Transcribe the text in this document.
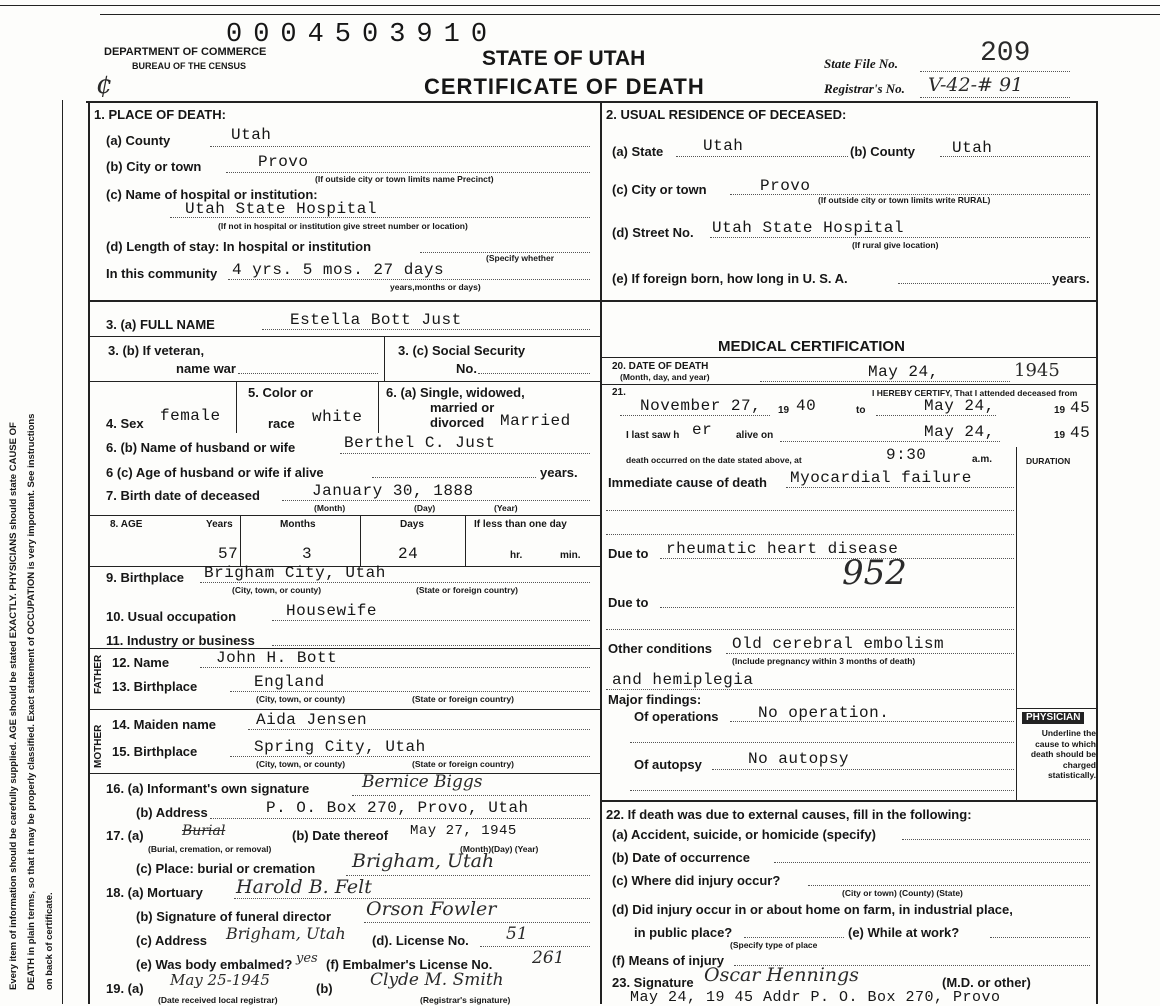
Every item of information should be carefully supplied. AGE should be stated EXACTLY. PHYSICIANS should state CAUSE OF DEATH in plain terms, so that it may be properly classified. Exact statement of OCCUPATION is very important. See instructions on back of certificate.
0004503910
DEPARTMENT OF COMMERCE
BUREAU OF THE CENSUS
¢
STATE OF UTAH
CERTIFICATE OF DEATH
State File No.	209
Registrar's No. V-42-# 91
1. PLACE OF DEATH:
(a) County	Utah
(b) City or town	Provo
(If outside city or town limits name Precinct)
(c) Name of hospital or institution:
Utah State Hospital
(If not in hospital or institution give street number or location)
(d) Length of stay: In hospital or institution
(Specify whether
In this community 4 yrs. 5 mos. 27 days
years,months or days)
2. USUAL RESIDENCE OF DECEASED:
(a) State Utah	(b) County Utah
(c) City or town	Provo
(If outside city or town limits write RURAL)
(d) Street No. Utah State Hospital
(If rural give location)
(e) If foreign born, how long in U. S. A.	years.
3. (a) FULL NAME	Estella Bott Just
3. (b) If veteran,
name war
3. (c) Social Security
No.
4. Sex female
5. Color or
race white
6. (a) Single, widowed,
married or
divorced Married
6. (b) Name of husband or wife	Berthel C. Just
6 (c) Age of husband or wife if alive	years.
7. Birth date of deceased	January 30, 1888
(Month)	(Day)	(Year)
8. AGE	Years	Months	Days	If less than one day
57	3	24	hr.	min.
9. Birthplace Brigham City, Utah
(City, town, or county)	(State or foreign country)
10. Usual occupation	Housewife
11. Industry or business
FATHER 12. Name	John H. Bott
13. Birthplace	England
(City, town, or county)	(State or foreign country)
MOTHER
14. Maiden name Aida Jensen
15. Birthplace	Spring City, Utah
(City, town, or county)	(State or foreign country)
16. (a) Informant's own signature	Bernice Biggs
(b) Address	P. O. Box 270, Provo, Utah
17. (a)	Burial
(Burial, cremation, or removal)
(b) Date thereof May 27, 1945
(Month)(Day) (Year)
(c) Place: burial or cremation Brigham, Utah
18. (a) Mortuary Harold B. Felt
(b) Signature of funeral director Orson Fowler
(c) Address Brigham, Utah (d). License No. 51
(e) Was body embalmed? yes (f) Embalmer's License No. 261
19. (a) May 25-1945
(Date received local registrar)
(b) Clyde M. Smith
(Registrar's signature)
MEDICAL CERTIFICATION
20. DATE OF DEATH
(Month, day, and year)	May 24,	1945
21.	I HEREBY CERTIFY, That I attended deceased from
November 27, 19 40	to	May 24,	19 45
I last saw h er alive on	May 24,	19 45
death occurred on the date stated above, at	9:30	a.m.	DURATION
Immediate cause of death Myocardial failure
Due to rheumatic heart disease
952
Due to
Other conditions Old cerebral embolism
(Include pregnancy within 3 months of death)
and hemiplegia
Major findings:
Of operations No operation.
Of autopsy	No autopsy
PHYSICIAN
Underline the cause to which death should be charged statistically.
22. If death was due to external causes, fill in the following:
(a) Accident, suicide, or homicide (specify)
(b) Date of occurrence
(c) Where did injury occur?
(City or town) (County) (State)
(d) Did injury occur in or about home on farm, in industrial place,
in public place?
(Specify type of place
(e) While at work?
(f) Means of injury
23. Signature Oscar Hennings	(M.D. or other)
May 24, 19 45 Addr P. O. Box 270, Provo
